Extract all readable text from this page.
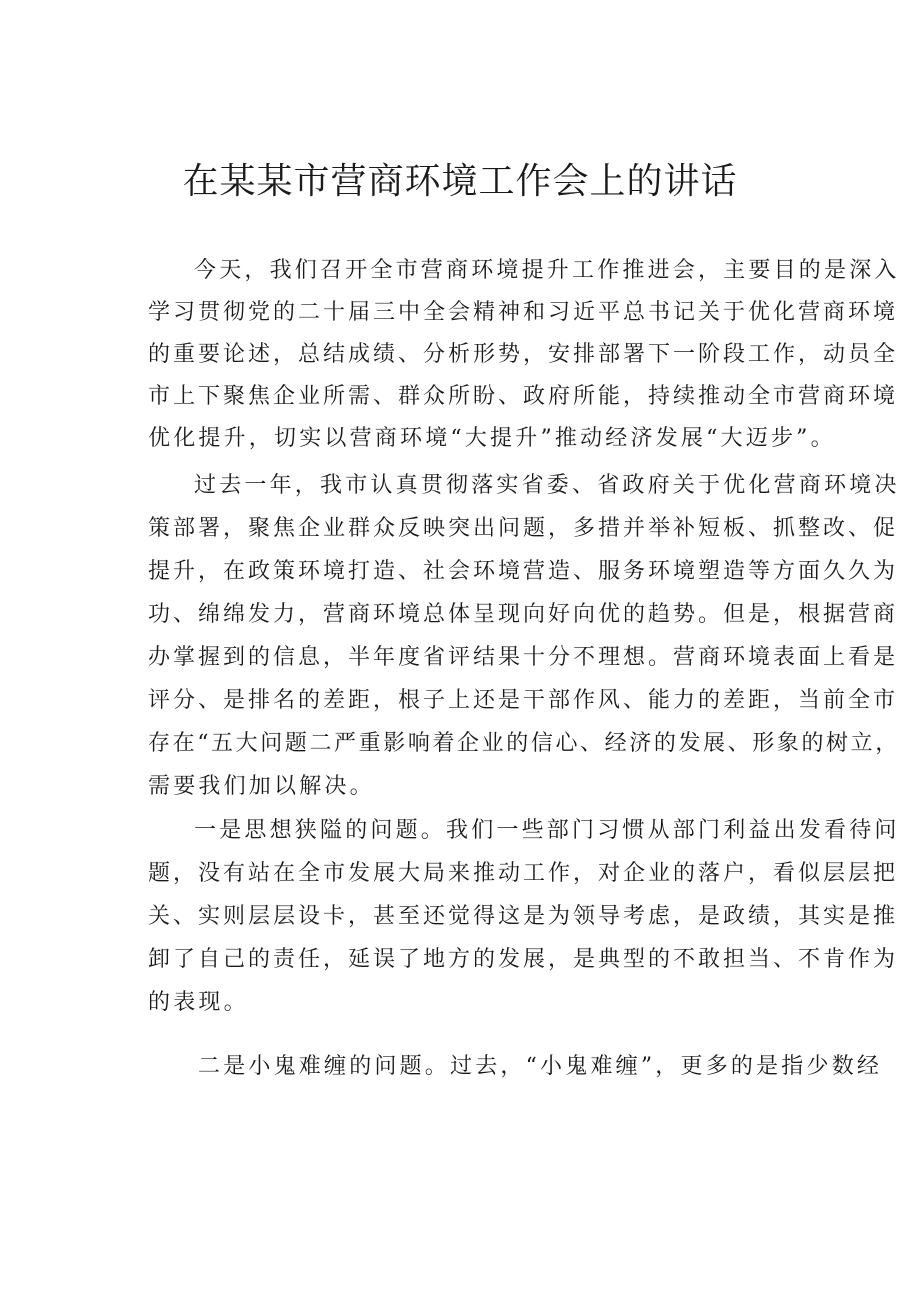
在某某市营商环境工作会上的讲话

今天，我们召开全市营商环境提升工作推进会，主要目的是深入

学习贯彻党的二十届三中全会精神和习近平总书记关于优化营商环境

的重要论述，总结成绩、分析形势，安排部署下一阶段工作，动员全

市上下聚焦企业所需、群众所盼、政府所能，持续推动全市营商环境

优化提升，切实以营商环境“大提升”推动经济发展“大迈步”。

过去一年，我市认真贯彻落实省委、省政府关于优化营商环境决

策部署，聚焦企业群众反映突出问题，多措并举补短板、抓整改、促

提升，在政策环境打造、社会环境营造、服务环境塑造等方面久久为

功、绵绵发力，营商环境总体呈现向好向优的趋势。但是，根据营商

办掌握到的信息，半年度省评结果十分不理想。营商环境表面上看是

评分、是排名的差距，根子上还是干部作风、能力的差距，当前全市

存在“五大问题二严重影响着企业的信心、经济的发展、形象的树立，

需要我们加以解决。

一是思想狭隘的问题。我们一些部门习惯从部门利益出发看待问

题，没有站在全市发展大局来推动工作，对企业的落户，看似层层把

关、实则层层设卡，甚至还觉得这是为领导考虑，是政绩，其实是推

卸了自己的责任，延误了地方的发展，是典型的不敢担当、不肯作为

的表现。

二是小鬼难缠的问题。过去，“小鬼难缠”，更多的是指少数经
